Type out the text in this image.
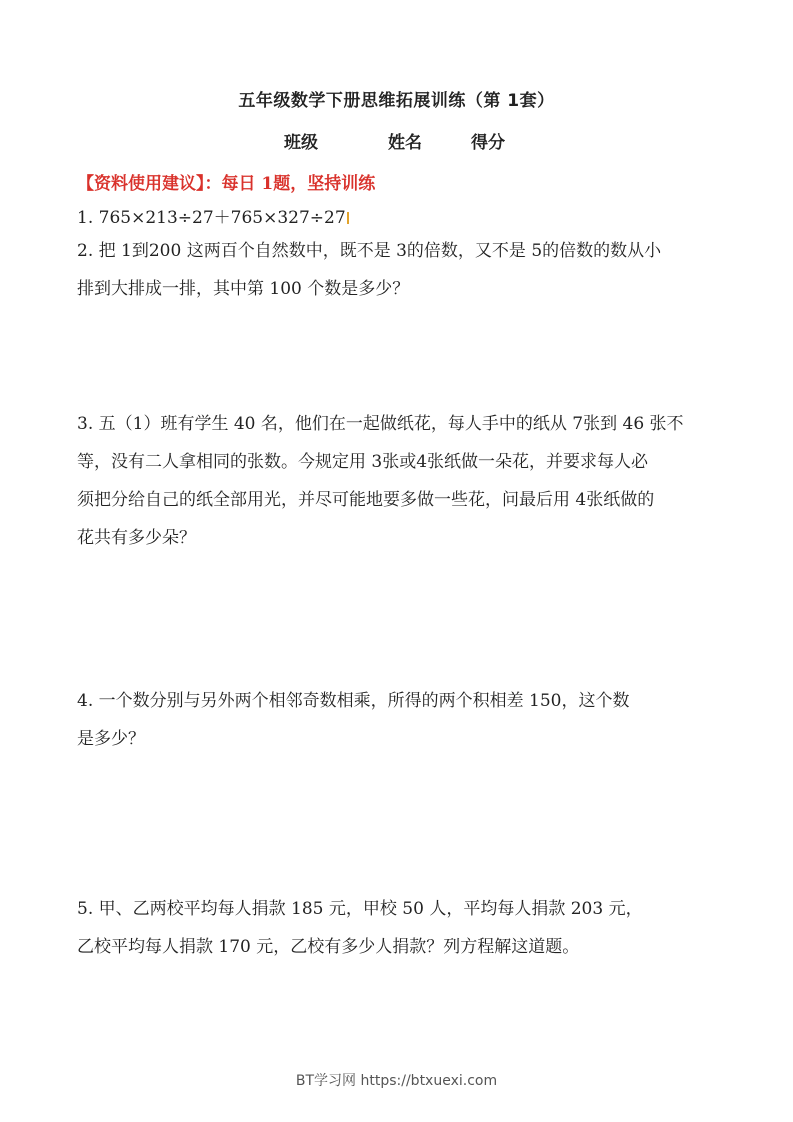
五年级数学下册思维拓展训练（第 1套）
班级	姓名	得分
【资料使用建议】：每日 1题，坚持训练
1. 765×213÷27＋765×327÷27
2. 把 1到200 这两百个自然数中，既不是 3的倍数，又不是 5的倍数的数从小
排到大排成一排，其中第 100 个数是多少？
3. 五（1）班有学生 40 名，他们在一起做纸花，每人手中的纸从 7张到 46 张不
等，没有二人拿相同的张数。今规定用 3张或4张纸做一朵花，并要求每人必
须把分给自己的纸全部用光，并尽可能地要多做一些花，问最后用 4张纸做的
花共有多少朵？
4. 一个数分别与另外两个相邻奇数相乘，所得的两个积相差 150，这个数
是多少？
5. 甲、乙两校平均每人捐款 185 元，甲校 50 人，平均每人捐款 203 元，
乙校平均每人捐款 170 元，乙校有多少人捐款？列方程解这道题。
BT学习网 https://btxuexi.com
